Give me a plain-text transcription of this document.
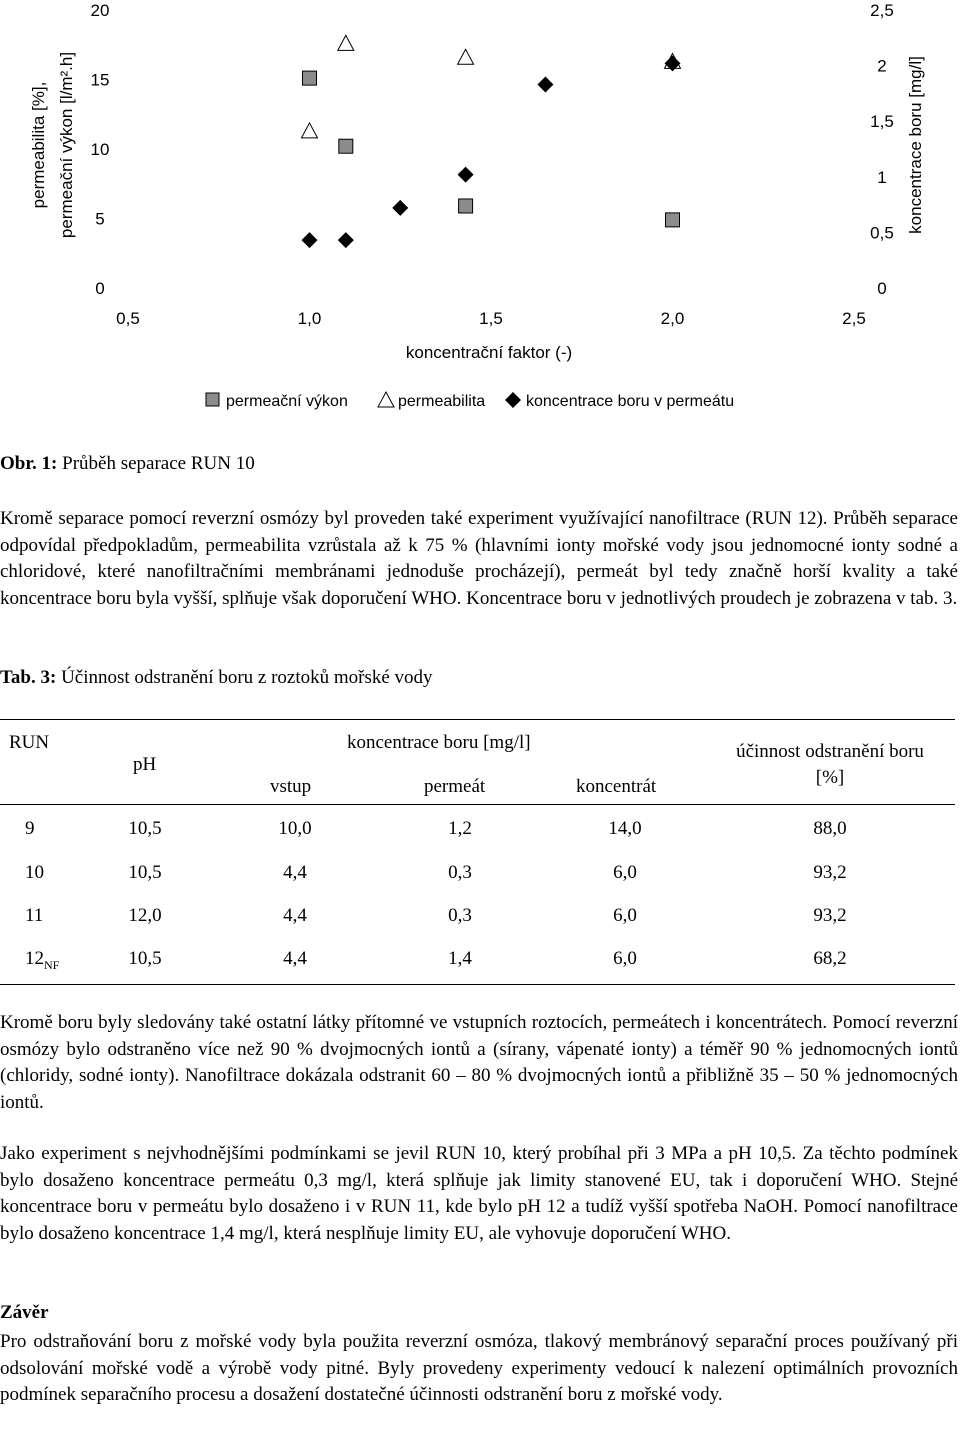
0
5
10
15
20
0
0,5
1
1,5
2
2,5
0,5	1,0	1,5	2,0	2,5
permeabilita [%], permeační výkon [l/m².h]	koncentrace boru [mg/l]
koncentrační faktor (-)
permeační výkon	permeabilita	koncentrace boru v permeátu
Obr. 1: Průběh separace RUN 10

Kromě separace pomocí reverzní osmózy byl proveden také experiment využívající nanofiltrace (RUN 12). Průběh separace odpovídal předpokladům, permeabilita vzrůstala až k 75 % (hlavními ionty mořské vody jsou jednomocné ionty sodné a chloridové, které nanofiltračními membránami jednoduše procházejí), permeát byl tedy značně horší kvality a také koncentrace boru byla vyšší, splňuje však doporučení WHO. Koncentrace boru v jednotlivých proudech je zobrazena v tab. 3.

Tab. 3: Účinnost odstranění boru z roztoků mořské vody
RUN
pH
koncentrace boru [mg/l]
vstup	permeát	koncentrát
účinnost odstranění boru
[%]
9	10,5	10,0	1,2	14,0	88,0
10	10,5	4,4	0,3	6,0	93,2
11	12,0	4,4	0,3	6,0	93,2
$12_{NF}$	10,5	4,4	1,4	6,0	68,2

Kromě boru byly sledovány také ostatní látky přítomné ve vstupních roztocích, permeátech i koncentrátech. Pomocí reverzní osmózy bylo odstraněno více než 90 % dvojmocných iontů a (sírany, vápenaté ionty) a téměř 90 % jednomocných iontů (chloridy, sodné ionty). Nanofiltrace dokázala odstranit 60 – 80 % dvojmocných iontů a přibližně 35 – 50 % jednomocných iontů.

Jako experiment s nejvhodnějšími podmínkami se jevil RUN 10, který probíhal při 3 MPa a pH 10,5. Za těchto podmínek bylo dosaženo koncentrace permeátu 0,3 mg/l, která splňuje jak limity stanovené EU, tak i doporučení WHO. Stejné koncentrace boru v permeátu bylo dosaženo i v RUN 11, kde bylo pH 12 a tudíž vyšší spotřeba NaOH. Pomocí nanofiltrace bylo dosaženo koncentrace 1,4 mg/l, která nesplňuje limity EU, ale vyhovuje doporučení WHO.

Závěr

Pro odstraňování boru z mořské vody byla použita reverzní osmóza, tlakový membránový separační proces používaný při odsolování mořské vodě a výrobě vody pitné. Byly provedeny experimenty vedoucí k nalezení optimálních provozních podmínek separačního procesu a dosažení dostatečné účinnosti odstranění boru z mořské vody.
